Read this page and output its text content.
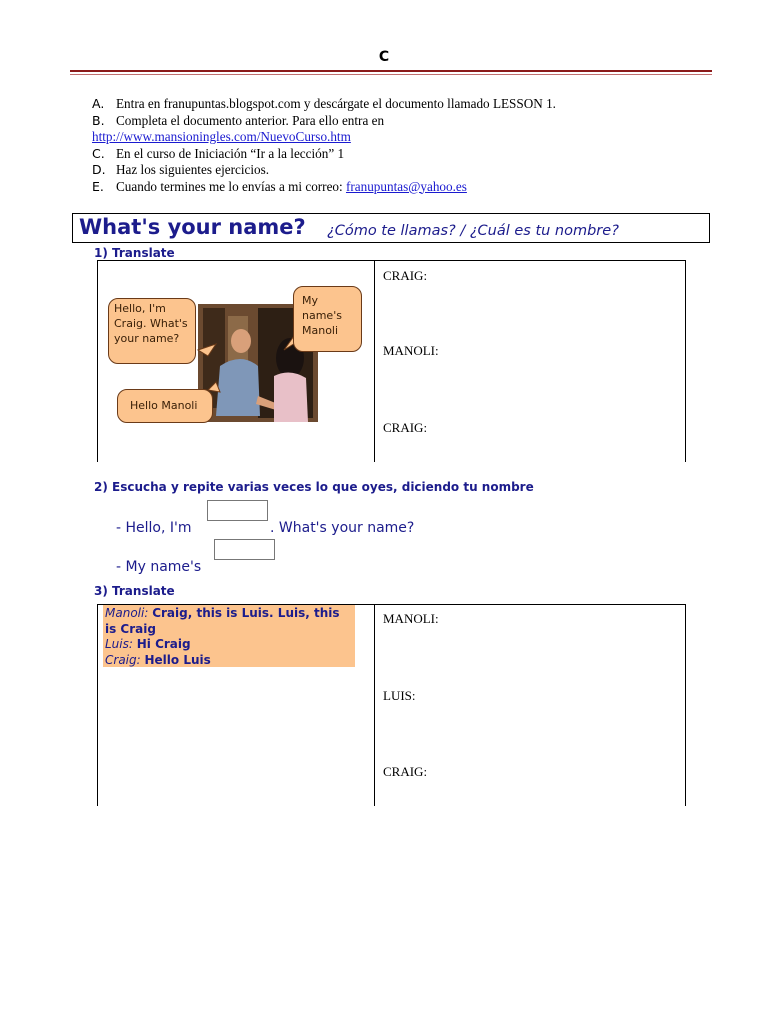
C
A. Entra en franupuntas.blogspot.com y descárgate el documento llamado LESSON 1.
B. Completa el documento anterior. Para ello entra en
http://www.mansioningles.com/NuevoCurso.htm
C. En el curso de Iniciación “Ir a la lección” 1
D. Haz los siguientes ejercicios.
E. Cuando termines me lo envías a mi correo: franupuntas@yahoo.es
What's your name? ¿Cómo te llamas? / ¿Cuál es tu nombre?
1) Translate
Hello, I'm Craig. What's your name?
My name's Manoli
Hello Manoli
CRAIG:
MANOLI:
CRAIG:
2) Escucha y repite varias veces lo que oyes, diciendo tu nombre
- Hello, I'm	. What's your name?
- My name's
3) Translate
Manoli: Craig, this is Luis. Luis, this is Craig
Luis: Hi Craig
Craig: Hello Luis
MANOLI:
LUIS:
CRAIG:
